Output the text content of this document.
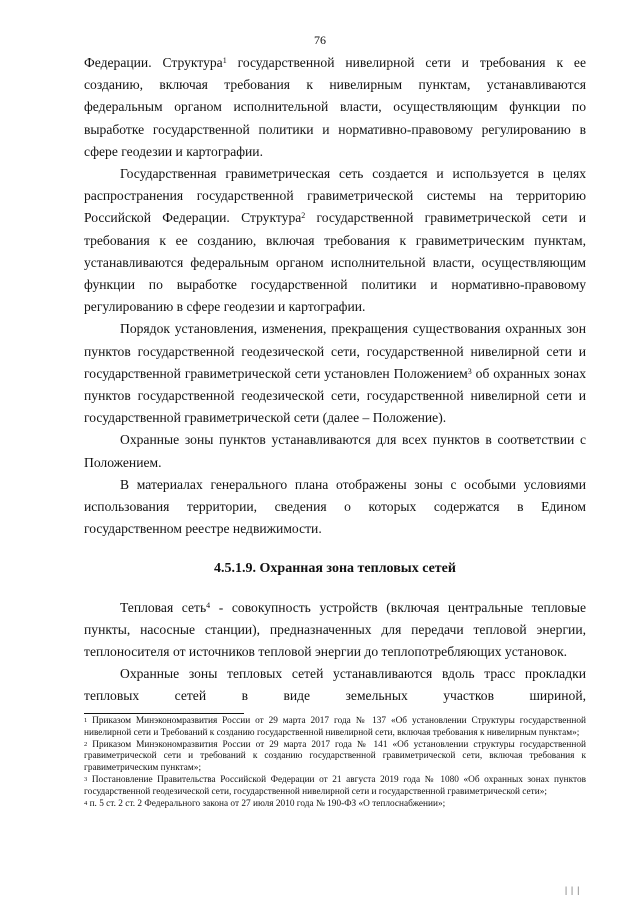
76

Федерации. Структура$^1$ государственной нивелирной сети и требования к ее созданию, включая требования к нивелирным пунктам, устанавливаются федеральным органом исполнительной власти, осуществляющим функции по выработке государственной политики и нормативно-правовому регулированию в сфере геодезии и картографии.

Государственная гравиметрическая сеть создается и используется в целях распространения государственной гравиметрической системы на территорию Российской Федерации. Структура$^2$ государственной гравиметрической сети и требования к ее созданию, включая требования к гравиметрическим пунктам, устанавливаются федеральным органом исполнительной власти, осуществляющим функции по выработке государственной политики и нормативно-правовому регулированию в сфере геодезии и картографии.

Порядок установления, изменения, прекращения существования охранных зон пунктов государственной геодезической сети, государственной нивелирной сети и государственной гравиметрической сети установлен Положением$^3$ об охранных зонах пунктов государственной геодезической сети, государственной нивелирной сети и государственной гравиметрической сети (далее – Положение).

Охранные зоны пунктов устанавливаются для всех пунктов в соответствии с Положением.

В материалах генерального плана отображены зоны с особыми условиями использования территории, сведения о которых содержатся в Едином государственном реестре недвижимости.

4.5.1.9. Охранная зона тепловых сетей

Тепловая сеть$^4$ - совокупность устройств (включая центральные тепловые пункты, насосные станции), предназначенных для передачи тепловой энергии, теплоносителя от источников тепловой энергии до теплопотребляющих установок.

Охранные зоны тепловых сетей устанавливаются вдоль трасс прокладки тепловых сетей в виде земельных участков шириной,

$^1$ Приказом Минэкономразвития России от 29 марта 2017 года № 137 «Об установлении Структуры государственной нивелирной сети и Требований к созданию государственной нивелирной сети, включая требования к нивелирным пунктам»;

$^2$ Приказом Минэкономразвития России от 29 марта 2017 года № 141 «Об установлении структуры государственной гравиметрической сети и требований к созданию государственной гравиметрической сети, включая требования к гравиметрическим пунктам»;

$^3$ Постановление Правительства Российской Федерации от 21 августа 2019 года № 1080 «Об охранных зонах пунктов государственной геодезической сети, государственной нивелирной сети и государственной гравиметрической сети»;

$^4$ п. 5 ст. 2 ст. 2 Федерального закона от 27 июля 2010 года № 190-ФЗ «О теплоснабжении»;

| | |
